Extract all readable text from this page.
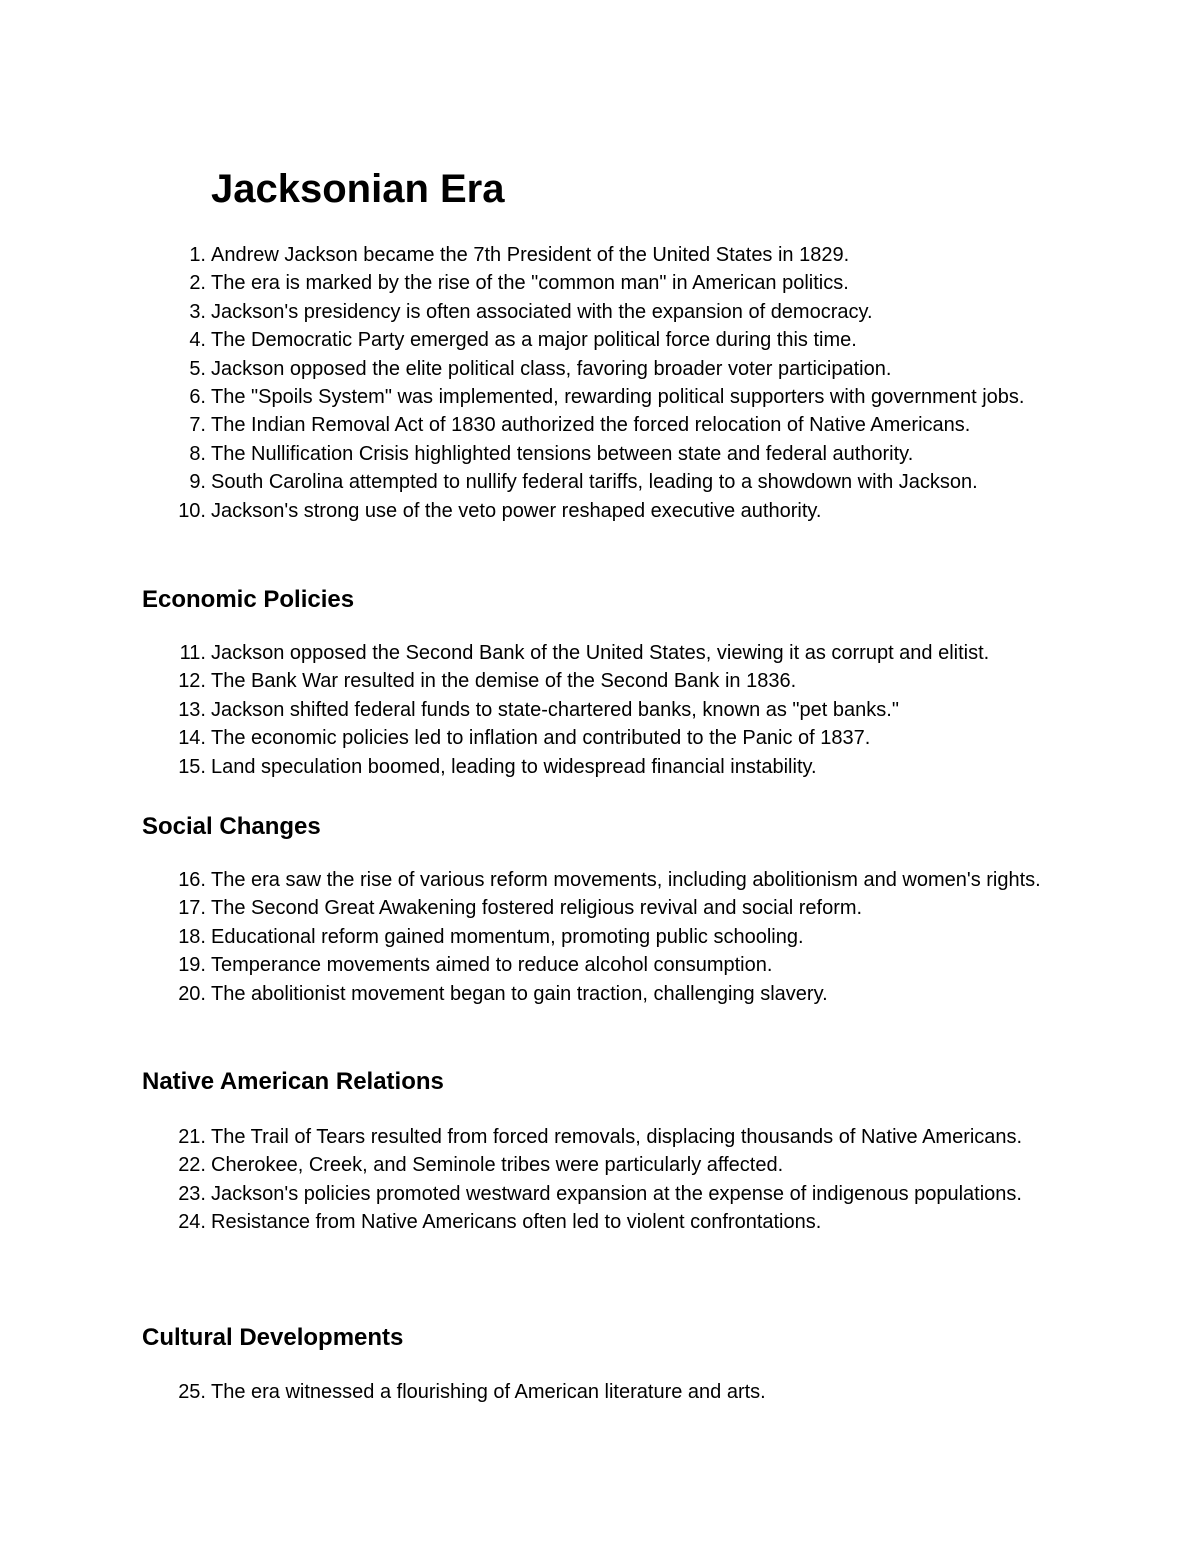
Jacksonian Era
1. Andrew Jackson became the 7th President of the United States in 1829.
2. The era is marked by the rise of the "common man" in American politics.
3. Jackson's presidency is often associated with the expansion of democracy.
4. The Democratic Party emerged as a major political force during this time.
5. Jackson opposed the elite political class, favoring broader voter participation.
6. The "Spoils System" was implemented, rewarding political supporters with government jobs.
7. The Indian Removal Act of 1830 authorized the forced relocation of Native Americans.
8. The Nullification Crisis highlighted tensions between state and federal authority.
9. South Carolina attempted to nullify federal tariffs, leading to a showdown with Jackson.
10. Jackson's strong use of the veto power reshaped executive authority.
Economic Policies
11. Jackson opposed the Second Bank of the United States, viewing it as corrupt and elitist.
12. The Bank War resulted in the demise of the Second Bank in 1836.
13. Jackson shifted federal funds to state-chartered banks, known as "pet banks."
14. The economic policies led to inflation and contributed to the Panic of 1837.
15. Land speculation boomed, leading to widespread financial instability.
Social Changes
16. The era saw the rise of various reform movements, including abolitionism and women's rights.
17. The Second Great Awakening fostered religious revival and social reform.
18. Educational reform gained momentum, promoting public schooling.
19. Temperance movements aimed to reduce alcohol consumption.
20. The abolitionist movement began to gain traction, challenging slavery.
Native American Relations
21. The Trail of Tears resulted from forced removals, displacing thousands of Native Americans.
22. Cherokee, Creek, and Seminole tribes were particularly affected.
23. Jackson's policies promoted westward expansion at the expense of indigenous populations.
24. Resistance from Native Americans often led to violent confrontations.
Cultural Developments
25. The era witnessed a flourishing of American literature and arts.
